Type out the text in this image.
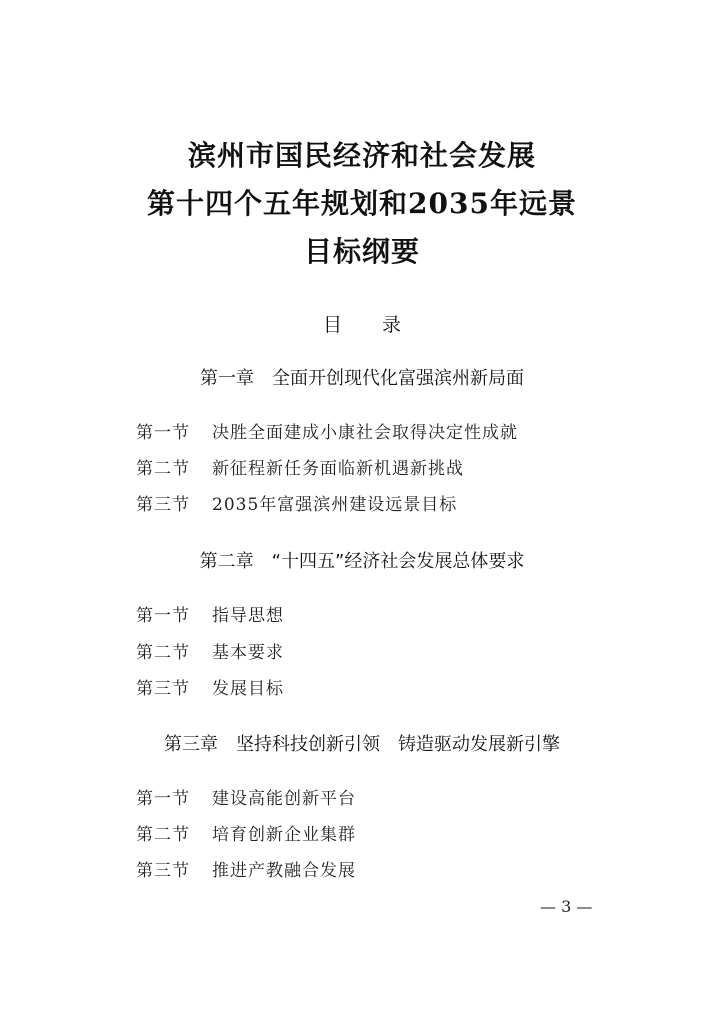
滨州市国民经济和社会发展
第十四个五年规划和2035年远景
目标纲要
目 录
第一章 全面开创现代化富强滨州新局面
第一节 决胜全面建成小康社会取得决定性成就
第二节 新征程新任务面临新机遇新挑战
第三节 2035年富强滨州建设远景目标
第二章 “十四五”经济社会发展总体要求
第一节 指导思想
第二节 基本要求
第三节 发展目标
第三章 坚持科技创新引领　铸造驱动发展新引擎
第一节 建设高能创新平台
第二节 培育创新企业集群
第三节 推进产教融合发展
— 3 —
